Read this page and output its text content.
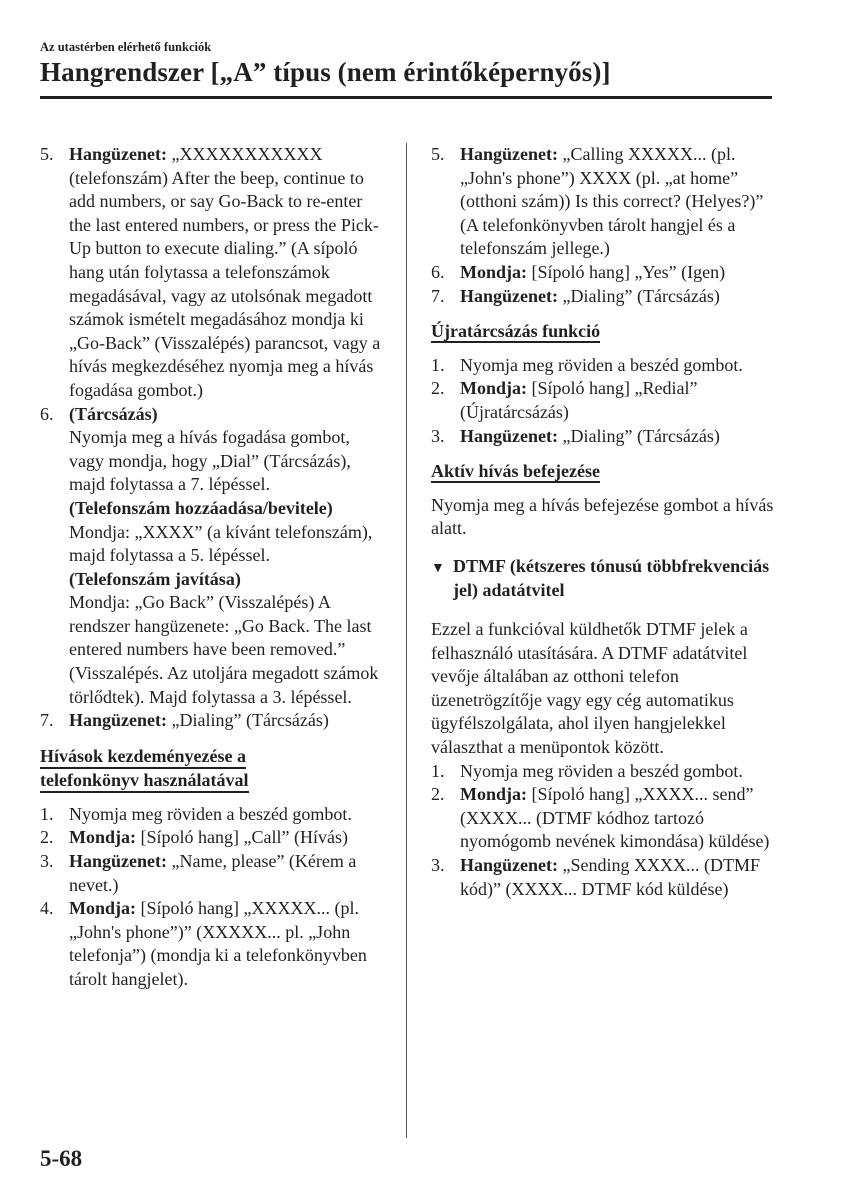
Az utastérben elérhető funkciók
Hangrendszer [„A” típus (nem érintőképernyős)]
5. Hangüzenet: „XXXXXXXXXXX (telefonszám) After the beep, continue to add numbers, or say Go-Back to re-enter the last entered numbers, or press the Pick-Up button to execute dialing.” (A sípoló hang után folytassa a telefonszámok megadásával, vagy az utolsónak megadott számok ismételt megadásához mondja ki „Go-Back” (Visszalépés) parancsot, vagy a hívás megkezdéséhez nyomja meg a hívás fogadása gombot.)
6. (Tárcsázás)

Nyomja meg a hívás fogadása gombot, vagy mondja, hogy „Dial” (Tárcsázás), majd folytassa a 7. lépéssel.

(Telefonszám hozzáadása/bevitele)

Mondja: „XXXX” (a kívánt telefonszám), majd folytassa a 5. lépéssel.

(Telefonszám javítása)

Mondja: „Go Back” (Visszalépés) A rendszer hangüzenete: „Go Back. The last entered numbers have been removed.” (Visszalépés. Az utoljára megadott számok törlődtek). Majd folytassa a 3. lépéssel.

7. Hangüzenet: „Dialing” (Tárcsázás)
Hívások kezdeményezése a
telefonkönyv használatával
1. Nyomja meg röviden a beszéd gombot.
2. Mondja: [Sípoló hang] „Call” (Hívás)
3. Hangüzenet: „Name, please” (Kérem a nevet.)
4. Mondja: [Sípoló hang] „XXXXX... (pl. „John's phone”)” (XXXXX... pl. „John telefonja”) (mondja ki a telefonkönyvben tárolt hangjelet).
5. Hangüzenet: „Calling XXXXX... (pl. „John's phone”) XXXX (pl. „at home” (otthoni szám)) Is this correct? (Helyes?)” (A telefonkönyvben tárolt hangjel és a telefonszám jellege.)
6. Mondja: [Sípoló hang] „Yes” (Igen)
7. Hangüzenet: „Dialing” (Tárcsázás)
Újratárcsázás funkció
1. Nyomja meg röviden a beszéd gombot.
2. Mondja: [Sípoló hang] „Redial” (Újratárcsázás)
3. Hangüzenet: „Dialing” (Tárcsázás)
Aktív hívás befejezése

Nyomja meg a hívás befejezése gombot a hívás alatt.

▼ DTMF (kétszeres tónusú többfrekvenciás jel) adatátvitel

Ezzel a funkcióval küldhetők DTMF jelek a felhasználó utasítására. A DTMF adatátvitel vevője általában az otthoni telefon üzenetrögzítője vagy egy cég automatikus ügyfélszolgálata, ahol ilyen hangjelekkel választhat a menüpontok között.

1. Nyomja meg röviden a beszéd gombot.
2. Mondja: [Sípoló hang] „XXXX... send” (XXXX... (DTMF kódhoz tartozó nyomógomb nevének kimondása) küldése)
3. Hangüzenet: „Sending XXXX... (DTMF kód)” (XXXX... DTMF kód küldése)
5-68
